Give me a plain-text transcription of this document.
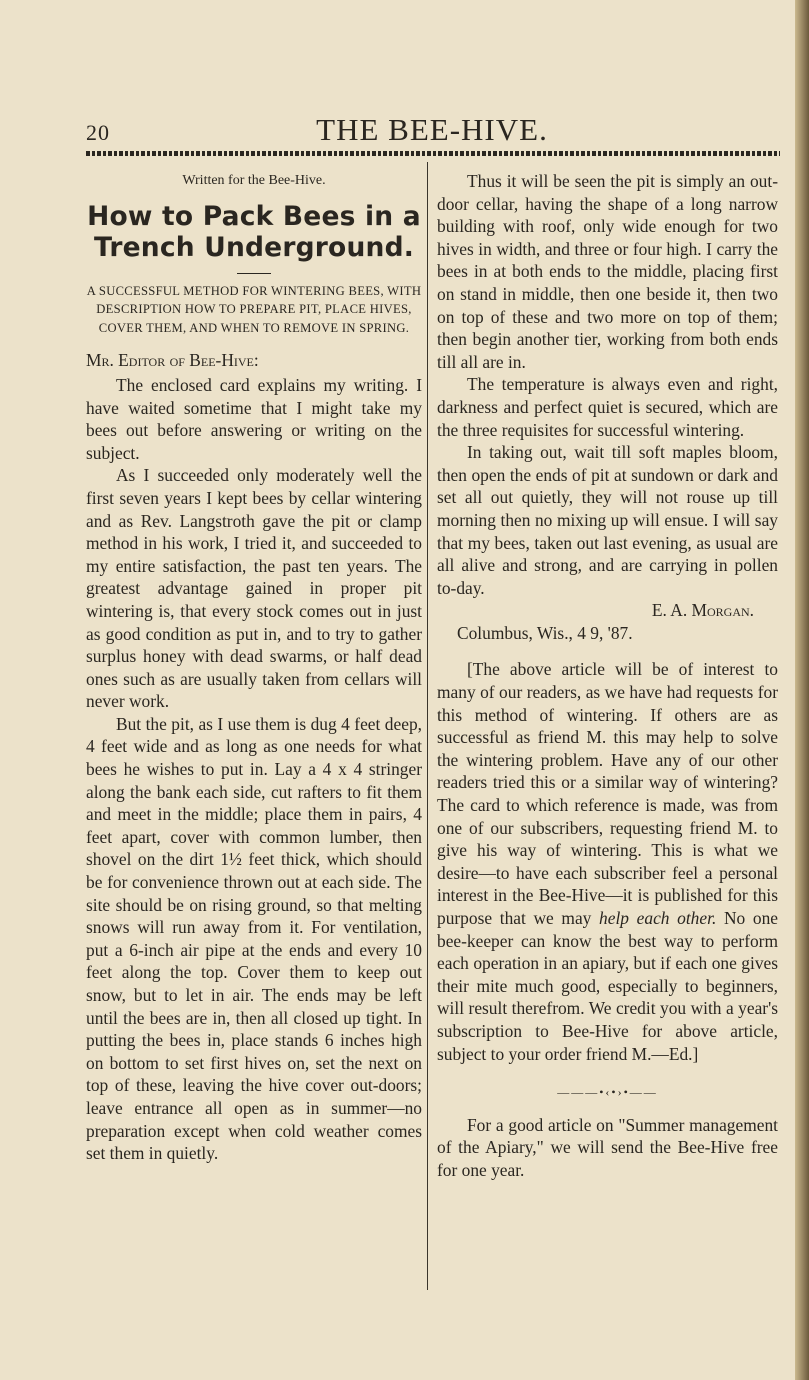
20	THE BEE-HIVE.
Written for the Bee-Hive.
How to Pack Bees in a Trench Underground.
A SUCCESSFUL METHOD FOR WINTERING BEES, WITH DESCRIPTION HOW TO PREPARE PIT, PLACE HIVES, COVER THEM, AND WHEN TO REMOVE IN SPRING.

Mr. Editor of Bee-Hive:

The enclosed card explains my writing. I have waited sometime that I might take my bees out before answering or writing on the subject.

As I succeeded only moderately well the first seven years I kept bees by cellar wintering and as Rev. Langstroth gave the pit or clamp method in his work, I tried it, and succeeded to my entire satisfaction, the past ten years. The greatest advantage gained in proper pit wintering is, that every stock comes out in just as good condition as put in, and to try to gather surplus honey with dead swarms, or half dead ones such as are usually taken from cellars will never work.

But the pit, as I use them is dug 4 feet deep, 4 feet wide and as long as one needs for what bees he wishes to put in. Lay a 4 x 4 stringer along the bank each side, cut rafters to fit them and meet in the middle; place them in pairs, 4 feet apart, cover with common lumber, then shovel on the dirt 1½ feet thick, which should be for convenience thrown out at each side. The site should be on rising ground, so that melting snows will run away from it. For ventilation, put a 6-inch air pipe at the ends and every 10 feet along the top. Cover them to keep out snow, but to let in air. The ends may be left until the bees are in, then all closed up tight. In putting the bees in, place stands 6 inches high on bottom to set first hives on, set the next on top of these, leaving the hive cover out-doors; leave entrance all open as in summer—no preparation except when cold weather comes set them in quietly.

Thus it will be seen the pit is simply an out-door cellar, having the shape of a long narrow building with roof, only wide enough for two hives in width, and three or four high. I carry the bees in at both ends to the middle, placing first on stand in middle, then one beside it, then two on top of these and two more on top of them; then begin another tier, working from both ends till all are in.

The temperature is always even and right, darkness and perfect quiet is secured, which are the three requisites for successful wintering.

In taking out, wait till soft maples bloom, then open the ends of pit at sundown or dark and set all out quietly, they will not rouse up till morning then no mixing up will ensue. I will say that my bees, taken out last evening, as usual are all alive and strong, and are carrying in pollen to-day.

E. A. Morgan.

Columbus, Wis., 4 9, '87.

[The above article will be of interest to many of our readers, as we have had requests for this method of wintering. If others are as successful as friend M. this may help to solve the wintering problem. Have any of our other readers tried this or a similar way of wintering? The card to which reference is made, was from one of our subscribers, requesting friend M. to give his way of wintering. This is what we desire—to have each subscriber feel a personal interest in the Bee-Hive—it is published for this purpose that we may help each other. No one bee-keeper can know the best way to perform each operation in an apiary, but if each one gives their mite much good, especially to beginners, will result therefrom. We credit you with a year's subscription to Bee-Hive for above article, subject to your order friend M.—Ed.]

———•‹•›•——

For a good article on "Summer management of the Apiary," we will send the Bee-Hive free for one year.
